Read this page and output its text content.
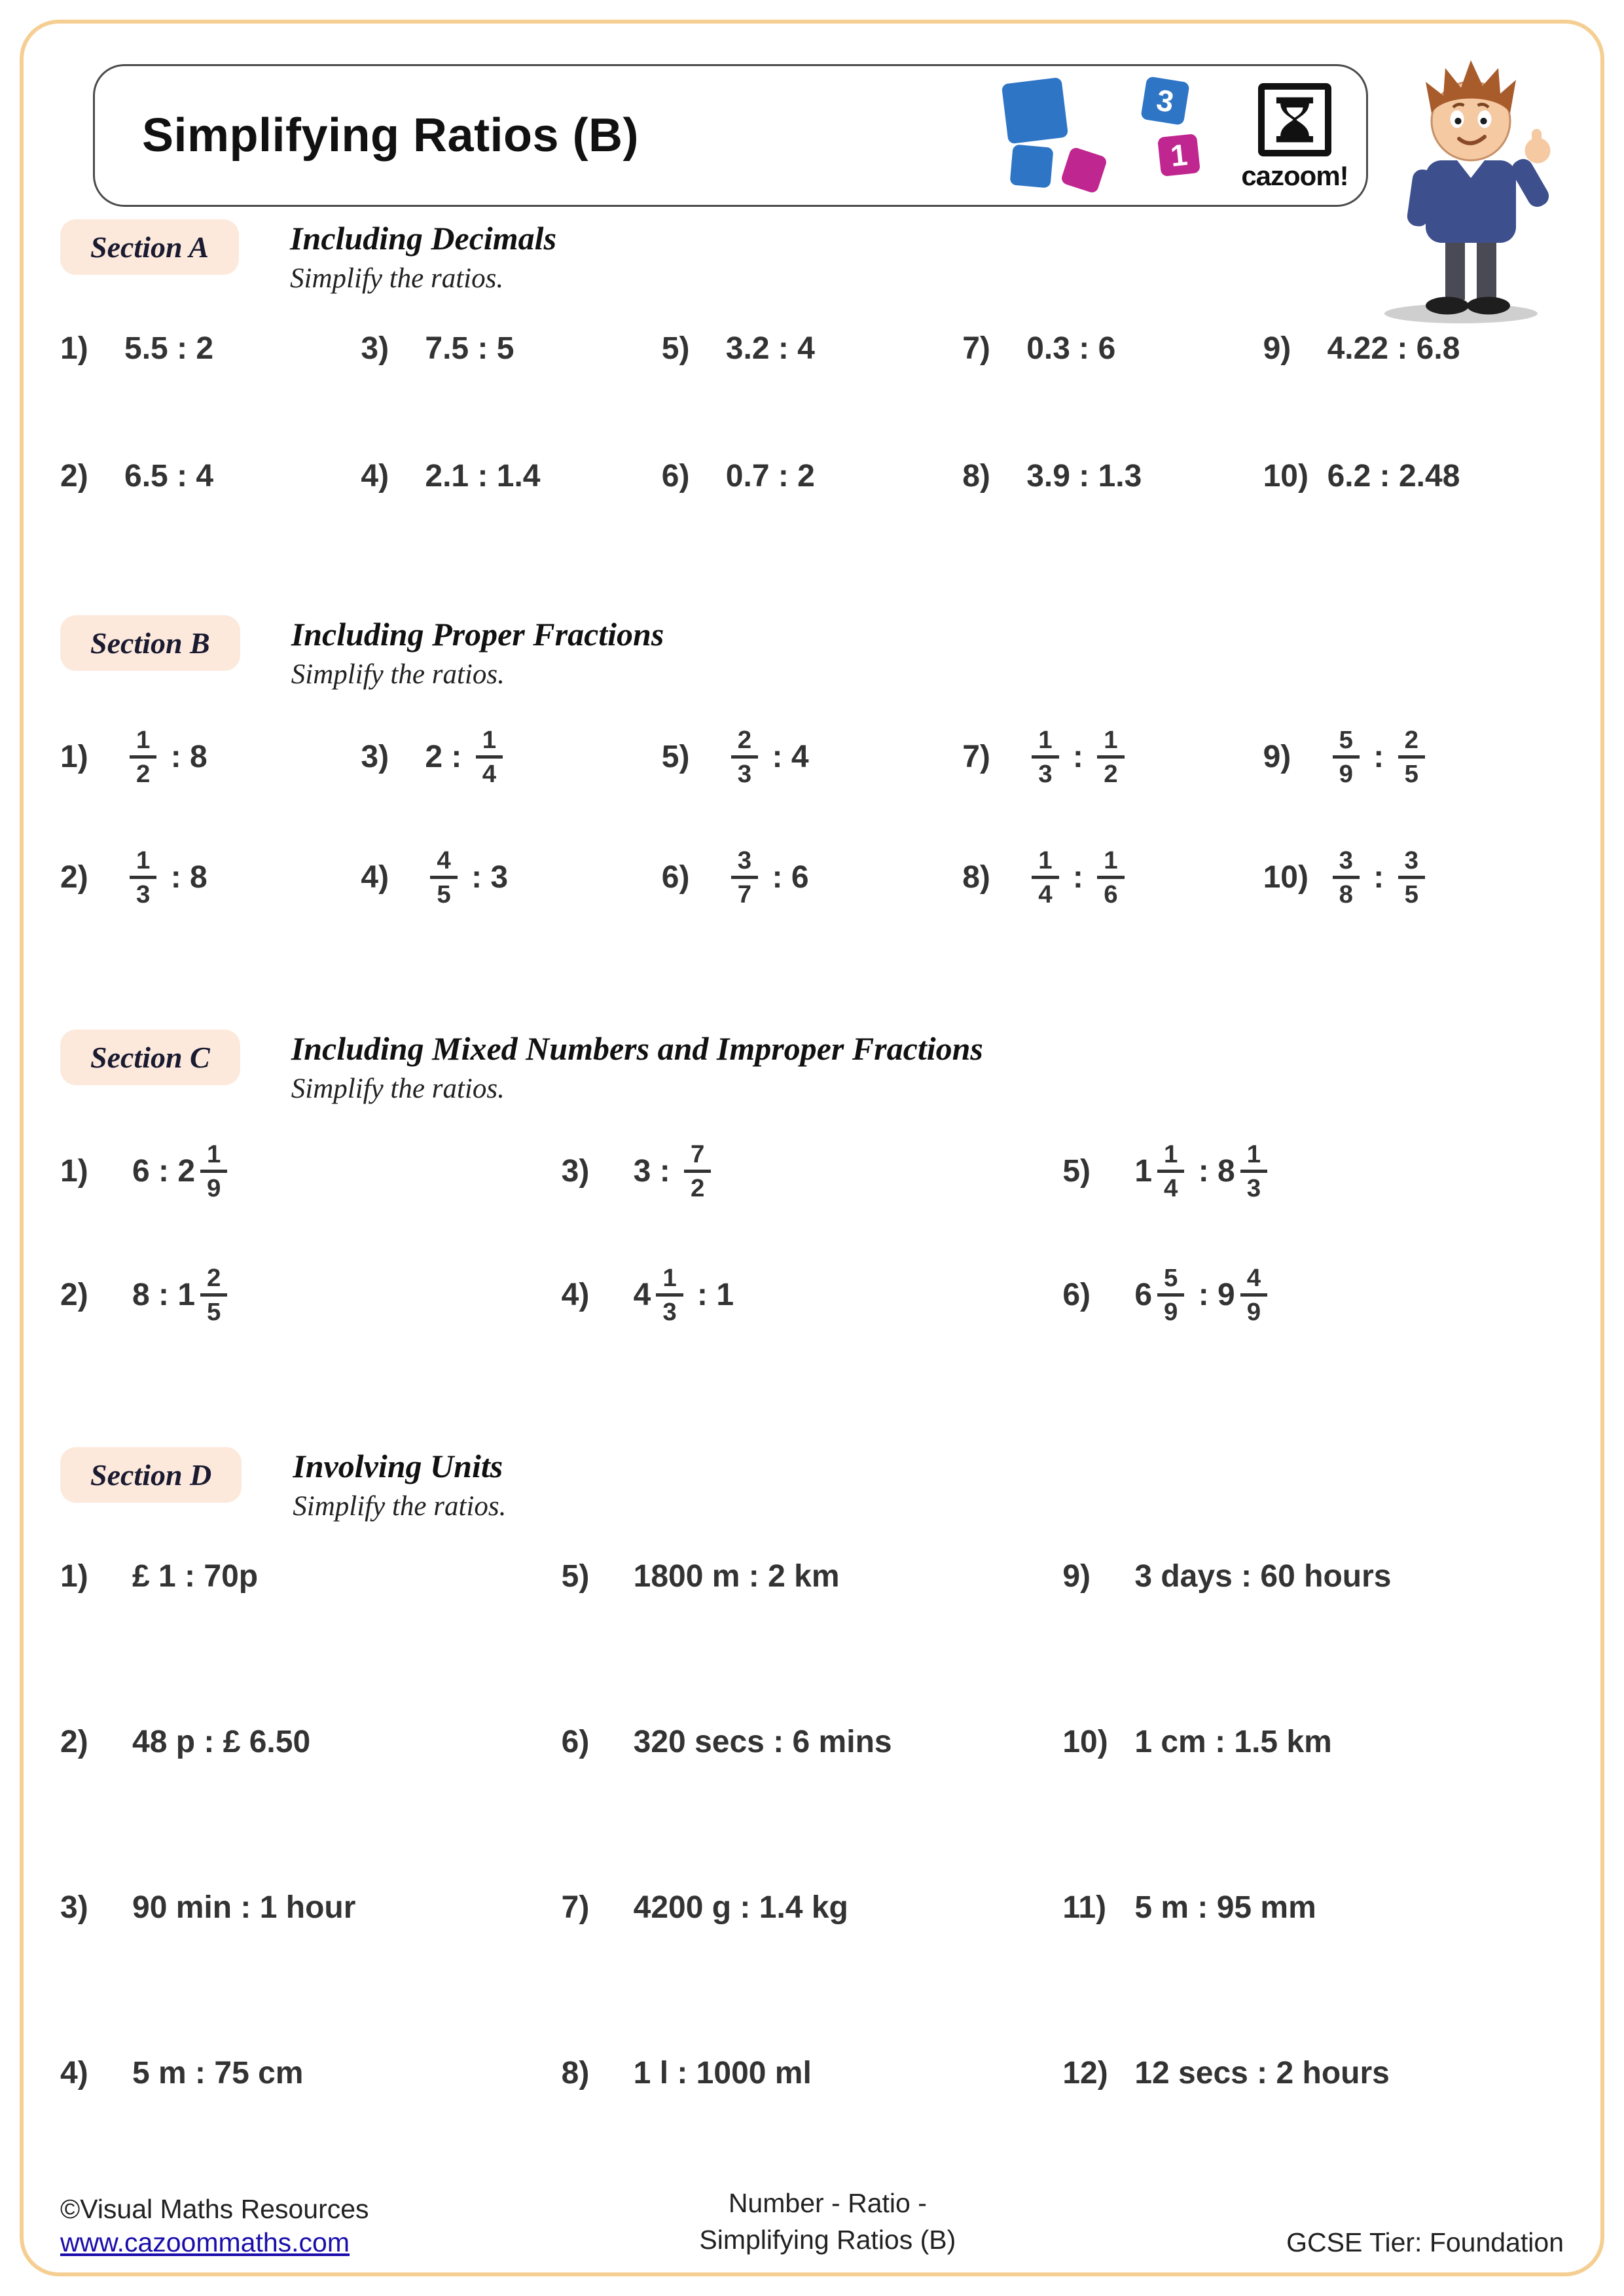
Simplifying Ratios (B)
3
1
cazoom!
Section A	Including Decimals
Simplify the ratios.
1)	5.5 : 2	3)	7.5 : 5	5)	3.2 : 4	7)	0.3 : 6	9)	4.22 : 6.8
2)	6.5 : 4	4)	2.1 : 1.4	6)	0.7 : 2	8)	3.9 : 1.3	10) 6.2 : 2.48
Section B	Including Proper Fractions
Simplify the ratios.
1)	$\frac{1}{2}$ : 8	3)	2 : $\frac{1}{4}$	5)	$\frac{2}{3}$ : 4	7)	$\frac{1}{3}$ : $\frac{1}{2}$	9)	$\frac{5}{9}$ : $\frac{2}{5}$
2)	$\frac{1}{3}$ : 8	4)	$\frac{4}{5}$ : 3	6)	$\frac{3}{7}$ : 6	8)	$\frac{1}{4}$ : $\frac{1}{6}$	$10) \frac{3}{8}$ : $\frac{3}{5}$
Section C	Including Mixed Numbers and Improper Fractions
Simplify the ratios.
1)	6 : $2 \frac{1}{9}$	3)	3 : $\frac{7}{2}$	5)	$1 \frac{1}{4}$ : $8 \frac{1}{3}$
2)	8 : $1 \frac{2}{5}$	4)	$4 \frac{1}{3}$ : 1	6)	$6 \frac{5}{9}$ : $9 \frac{4}{9}$
Section D	Involving Units
Simplify the ratios.
1)	£ 1 : 70p	5)	1800 m : 2 km	9)	3 days : 60 hours
2)	48 p : £ 6.50	6)	320 secs : 6 mins	10) 1 cm : 1.5 km
3)	90 min : 1 hour	7)	4200 g : 1.4 kg	11) 5 m : 95 mm
4)	5 m : 75 cm	8)	1 l : 1000 ml	12) 12 secs : 2 hours
©Visual Maths Resources
www.cazoommaths.com
Number - Ratio -
Simplifying Ratios (B)	GCSE Tier: Foundation
